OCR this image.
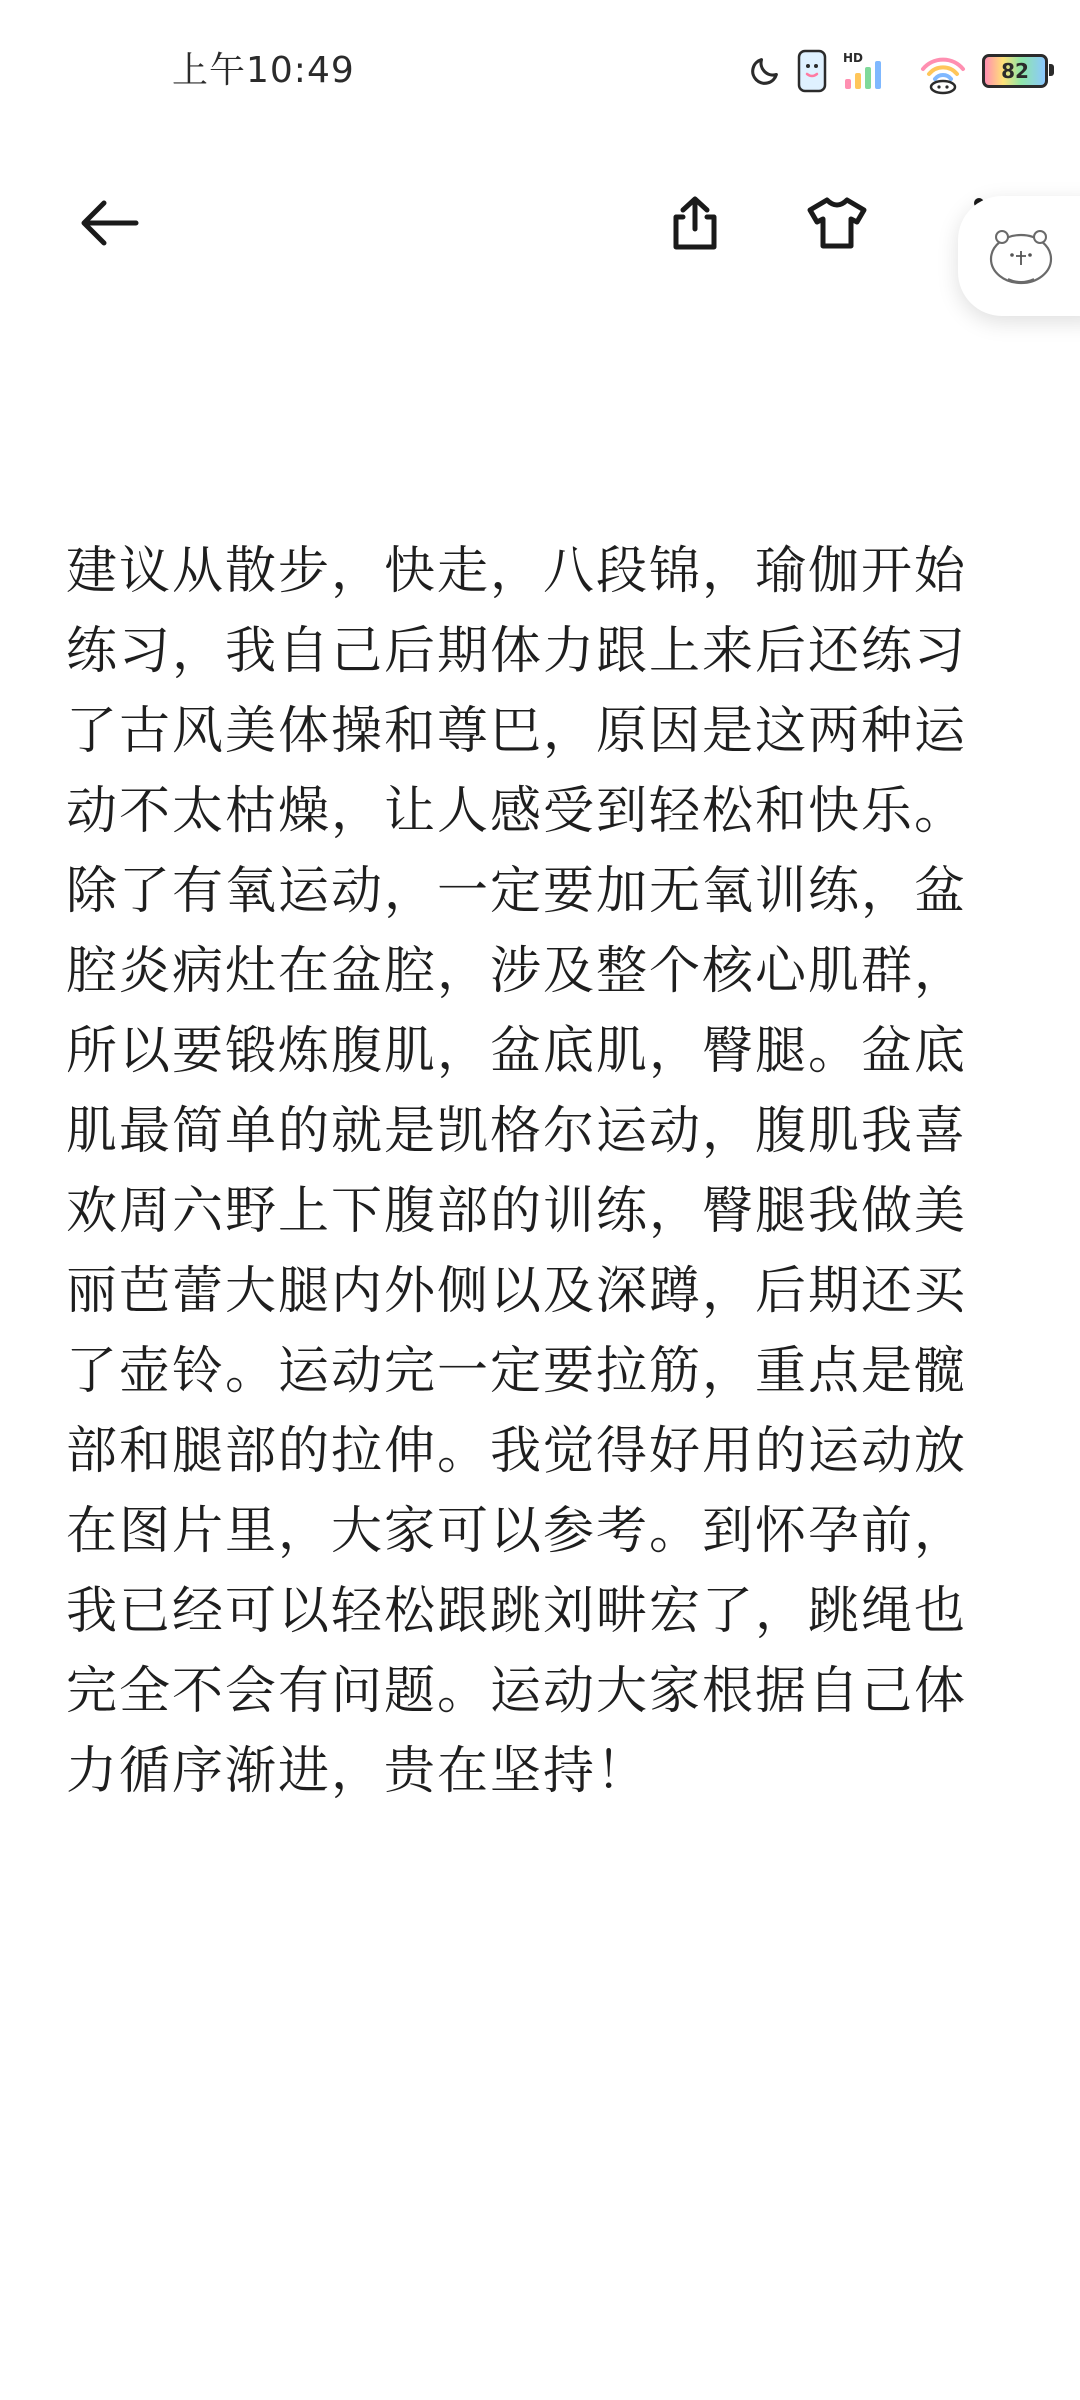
上午10:49	HD
82

建议从散步，快走，八段锦，瑜伽开始练习，我自己后期体力跟上来后还练习了古风美体操和尊巴，原因是这两种运动不太枯燥，让人感受到轻松和快乐。除了有氧运动，一定要加无氧训练，盆腔炎病灶在盆腔，涉及整个核心肌群，所以要锻炼腹肌，盆底肌，臀腿。盆底肌最简单的就是凯格尔运动，腹肌我喜欢周六野上下腹部的训练，臀腿我做美丽芭蕾大腿内外侧以及深蹲，后期还买了壶铃。运动完一定要拉筋，重点是髋部和腿部的拉伸。我觉得好用的运动放在图片里，大家可以参考。到怀孕前，我已经可以轻松跟跳刘畊宏了，跳绳也完全不会有问题。运动大家根据自己体力循序渐进，贵在坚持！
